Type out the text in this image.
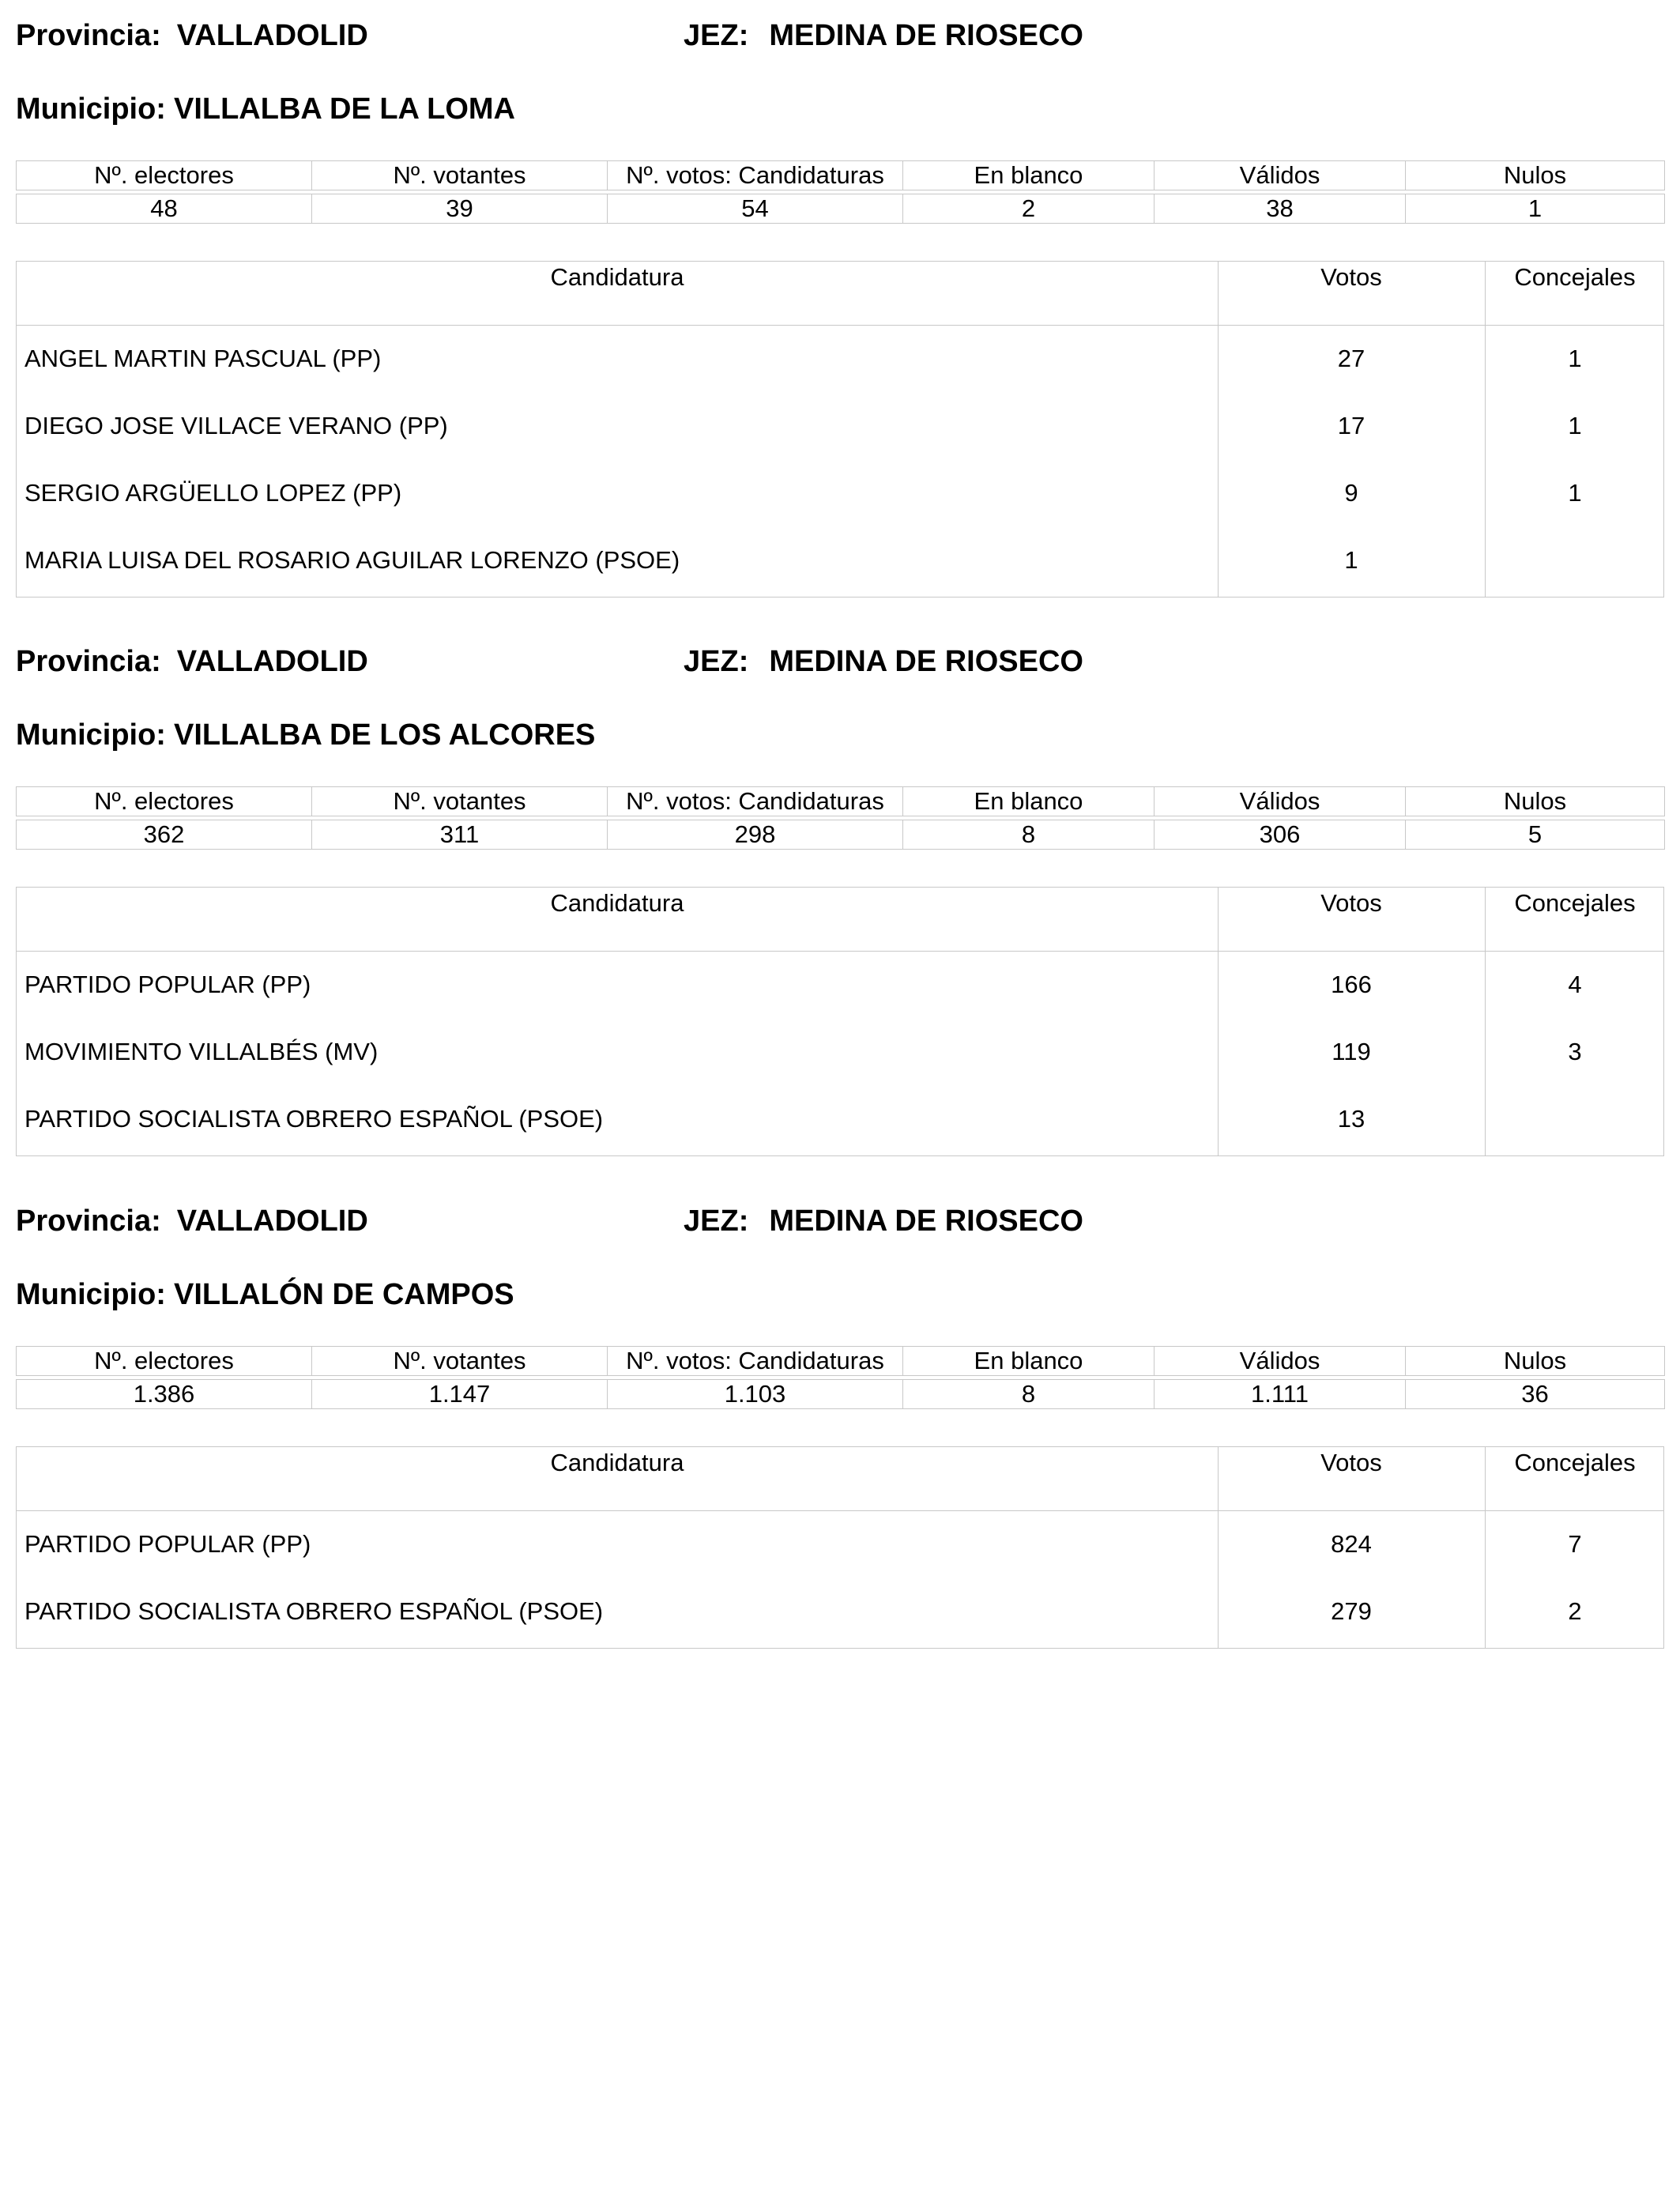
Provincia: VALLADOLID	JEZ: MEDINA DE RIOSECO
Municipio: VILLALBA DE LA LOMA
Nº. electores	Nº. votantes	Nº. votos: Candidaturas	En blanco	Válidos	Nulos

48	39	54	2	38	1
Candidatura	Votos	Concejales
ANGEL MARTIN PASCUAL (PP)	27	1
DIEGO JOSE VILLACE VERANO (PP)	17	1
SERGIO ARGÜELLO LOPEZ (PP)	9	1
MARIA LUISA DEL ROSARIO AGUILAR LORENZO (PSOE)	1
Provincia: VALLADOLID	JEZ: MEDINA DE RIOSECO
Municipio: VILLALBA DE LOS ALCORES
Nº. electores	Nº. votantes	Nº. votos: Candidaturas	En blanco	Válidos	Nulos

362	311	298	8	306	5
Candidatura	Votos	Concejales
PARTIDO POPULAR (PP)	166	4
MOVIMIENTO VILLALBÉS (MV)	119	3
PARTIDO SOCIALISTA OBRERO ESPAÑOL (PSOE)	13
Provincia: VALLADOLID	JEZ: MEDINA DE RIOSECO
Municipio: VILLALÓN DE CAMPOS
Nº. electores	Nº. votantes	Nº. votos: Candidaturas	En blanco	Válidos	Nulos

1.386	1.147	1.103	8	1.111	36
Candidatura	Votos	Concejales
PARTIDO POPULAR (PP)	824	7
PARTIDO SOCIALISTA OBRERO ESPAÑOL (PSOE)	279	2
